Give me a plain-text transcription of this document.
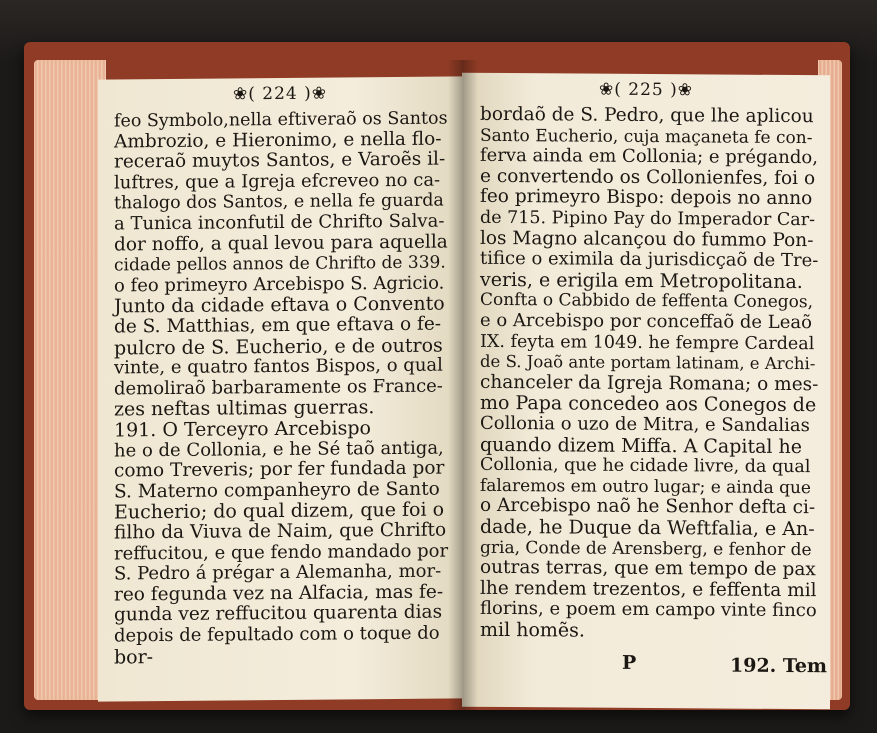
❀( 224 )❀
feo Symbolo,nella eftiveraõ os Santos
Ambrozio, e Hieronimo, e nella flo-
receraõ muytos Santos, e Varoẽs il-
luftres, que a Igreja efcreveo no ca-
thalogo dos Santos, e nella fe guarda
a Tunica inconfutil de Chrifto Salva-
dor noffo, a qual levou para aquella
cidade pellos annos de Chrifto de 339.
o feo primeyro Arcebispo S. Agricio.
Junto da cidade eftava o Convento
de S. Matthias, em que eftava o fe-
pulcro de S. Eucherio, e de outros
vinte, e quatro fantos Bispos, o qual
demoliraõ barbaramente os France-
zes neftas ultimas guerras.
191. O Terceyro Arcebispo
he o de Collonia, e he Sé taõ antiga,
como Treveris; por fer fundada por
S. Materno companheyro de Santo
Eucherio; do qual dizem, que foi o
filho da Viuva de Naim, que Chrifto
reffucitou, e que fendo mandado por
S. Pedro á prégar a Alemanha, mor-
reo fegunda vez na Alfacia, mas fe-
gunda vez reffucitou quarenta dias
depois de fepultado com o toque do
bor-
❀( 225 )❀
bordaõ de S. Pedro, que lhe aplicou
Santo Eucherio, cuja maçaneta fe con-
ferva ainda em Collonia; e prégando,
e convertendo os Collonienfes, foi o
feo primeyro Bispo: depois no anno
de 715. Pipino Pay do Imperador Car-
los Magno alcançou do fummo Pon-
tifice o eximila da jurisdicçaõ de Tre-
veris, e erigila em Metropolitana.
Confta o Cabbido de feffenta Conegos,
e o Arcebispo por conceffaõ de Leaõ
IX. feyta em 1049. he fempre Cardeal
de S. Joaõ ante portam latinam, e Archi-
chanceler da Igreja Romana; o mes-
mo Papa concedeo aos Conegos de
Collonia o uzo de Mitra, e Sandalias
quando dizem Miffa. A Capital he
Collonia, que he cidade livre, da qual
falaremos em outro lugar; e ainda que
o Arcebispo naõ he Senhor defta ci-
dade, he Duque da Weftfalia, e An-
gria, Conde de Arensberg, e fenhor de
outras terras, que em tempo de pax
lhe rendem trezentos, e feffenta mil
florins, e poem em campo vinte finco
mil homẽs.
P	192. Tem
